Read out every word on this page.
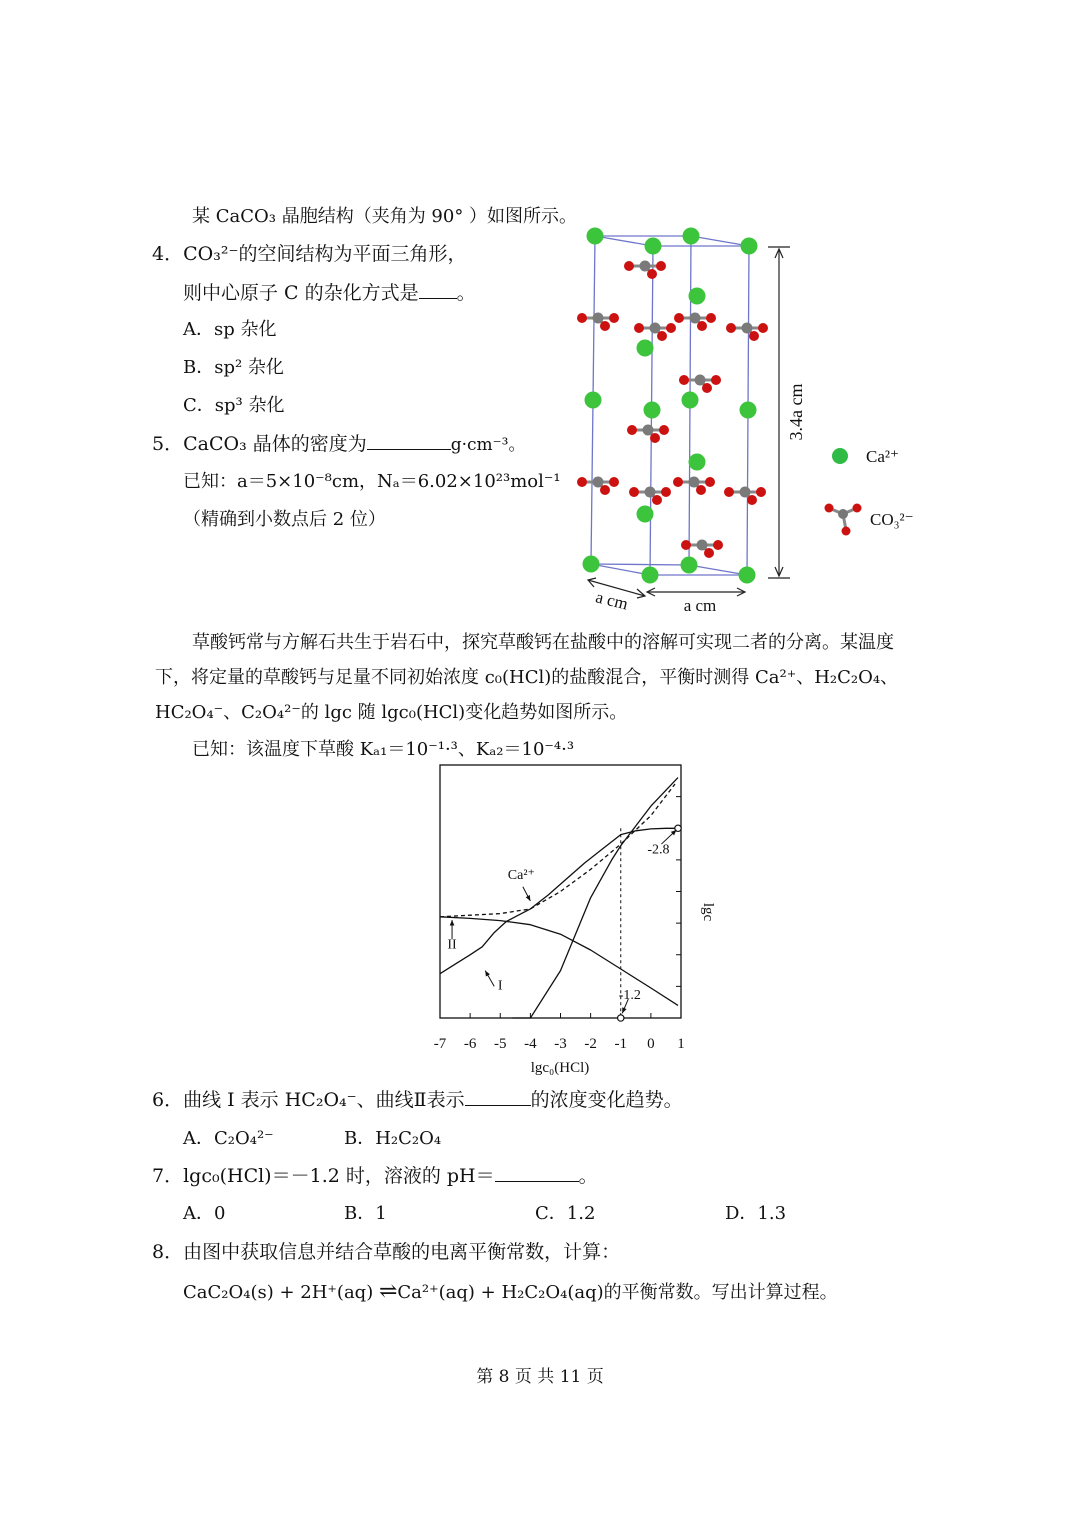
某 CaCO₃ 晶胞结构（夹角为 90° ）如图所示。
4．CO₃²⁻的空间结构为平面三角形，
则中心原子 C 的杂化方式是 。
A．sp 杂化
B．sp² 杂化
C．sp³ 杂化
5．CaCO₃ 晶体的密度为	g·cm⁻³。
已知：a＝5×10⁻⁸cm，Nₐ＝6.02×10²³mol⁻¹
（精确到小数点后 2 位）
3.4a cm
a cm	a cm
Ca²⁺
CO₃²⁻
草酸钙常与方解石共生于岩石中，探究草酸钙在盐酸中的溶解可实现二者的分离。某温度
下，将定量的草酸钙与足量不同初始浓度 c₀(HCl)的盐酸混合，平衡时测得 Ca²⁺、H₂C₂O₄、
HC₂O₄⁻、C₂O₄²⁻的 lgc 随 lgc₀(HCl)变化趋势如图所示。
已知：该温度下草酸 Kₐ₁＝10⁻¹·³、Kₐ₂＝10⁻⁴·³
-7 -6 -5 -4 -3 -2 -1 0 1
Ca²⁺
II
I
-2.8
-1.2
lgc₀(HCl)
lgc
6．曲线 I 表示 HC₂O₄⁻、曲线Ⅱ表示	的浓度变化趋势。
A．C₂O₄²⁻	B．H₂C₂O₄
7．lgc₀(HCl)＝－1.2 时，溶液的 pH＝	。
A．0	B．1	C．1.2	D．1.3
8．由图中获取信息并结合草酸的电离平衡常数，计算：
CaC₂O₄(s) + 2H⁺(aq) ⇌Ca²⁺(aq) + H₂C₂O₄(aq)的平衡常数。写出计算过程。
第 8 页 共 11 页
